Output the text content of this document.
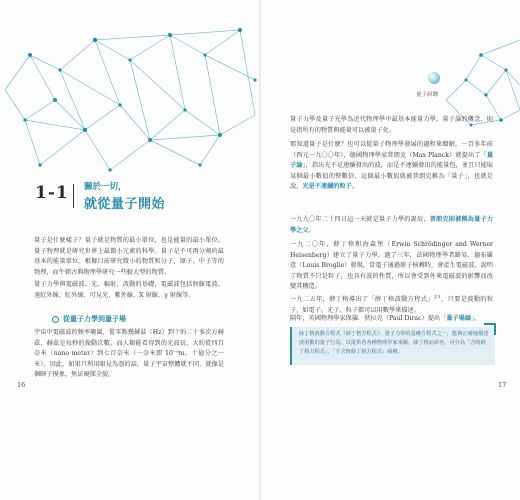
1-1 關於一切，
就從量子開始
量子是什麼樣子？量子就是物質的最小單位，也是能量的最小單位。量子物理就是研究世界上最微小元素的科學。量子是不可再分割的最基本的能量單位。根據目前研究微小的物質和分子，原子、中子等的物理，而牛頓古典物理學研究一些較大型的物質。
量子力學與電磁波、光、輻射、波動的基礎，電磁波包括無線電波、遠紅外線、紅外線、可見光、紫外線、X 射線、γ 射線等。
從量子力學到量子場
宇宙中電磁波的頻率範圍，從零點幾赫茲（Hz）到十的二十多次方赫茲，赫茲是每秒的振動次數。而人類能看得到的光波長，大約從四百奈米（nano meter）到七百奈米（一奈米即 10⁻⁹m，十億分之一米），因此，如果只利用眼見為憑的話，量子宇宙整體就不同，就像是個瞎子摸象，無法窺探全貌。
16
量子糾纏
量子力學及量子光學為近代物理學中最基本能量力學，量子論的概念，則是指所有的物質與能量可以被量子化。
那知道量子是什麼？也可以從量子物理學發展的過程來瞭解。一百多年前（西元一九〇〇年），德國物理學家普朗克（Max Planck）就提出了「量子論」，指出光不是連續發出的波，而是不連續發出的能量包，並且只能取某個最小數值的整數倍，這個最小數值就被普朗克稱為「量子」，也就是說，光是不連續的粒子。
一九九〇年二十四日這一天就是量子力學的誕辰，普朗克則被稱為量子力學之父。
一九二〇年，薛丁格和海森堡（Erwin Schrödinger and Werner Heisenberg）建立了量子力學，過了三年，法國物理學者路易．德布羅意（Louis Broglie）發現，當電子通過原子核轉時，會產生電磁波，說明了物質不只是粒子，也具有波的性質，所以會受到外來電磁波的影響而改變其構造。
一九二五年，薛丁格導出了「薛丁格波動方程式」$^{註1}$，只要是波動的粒子，如電子、光子、粒子都可以用數學來描述。
隔年，英國物理學家保羅．狄拉克（Paul Dirac）提出「量子場論」，
薛丁格波動方程式（薛丁格方程式）：量子力學的基礎方程式之一，能與正確地描述波函數的量子行為。以提供者各種物理學家來稱，薛丁格而命名，可分為「含時薛丁格方程式」，「不含時薛丁格方程式」兩種。
17
